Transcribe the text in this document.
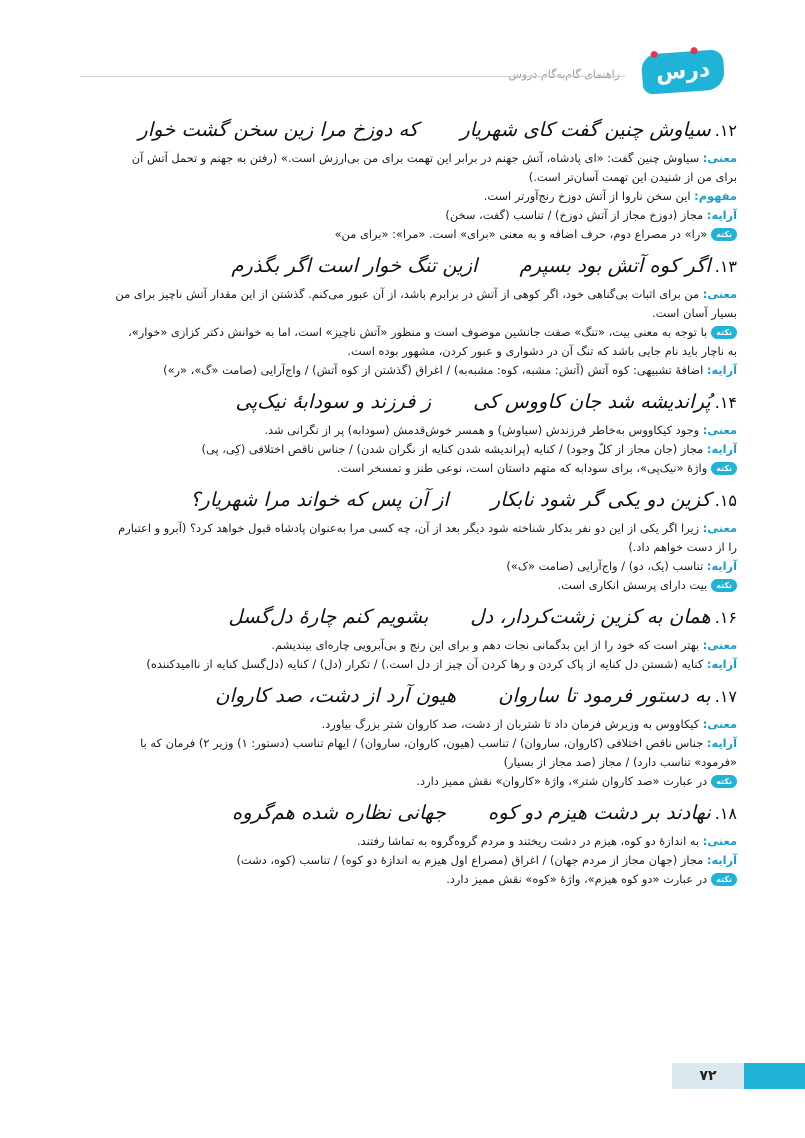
درس پرس
راهنمای گام‌به‌گام دروس
۱۲.
سیاوش چنین گفت کای شهریار
که دوزخ مرا زین سخن گشت خوار

معنی: سیاوش چنین گفت: «ای پادشاه، آتش جهنم در برابر این تهمت برای من بی‌ارزش است.» (رفتن به جهنم و تحمل آتش آن

برای من از شنیدن این تهمت آسان‌تر است.)

مفهوم: این سخن ناروا از آتش دوزخ رنج‌آورتر است.

آرایه: مجاز (دوزخ مجاز از آتش دوزخ) / تناسب (گفت، سخن)

نکته«را» در مصراع دوم، حرف اضافه و به معنی «برای» است. «مرا»: «برای من»

۱۳.
اگر کوه آتش بود بسپرم
ازین تنگ خوار است اگر بگذرم

معنی: من برای اثبات بی‌گناهی خود، اگر کوهی از آتش در برابرم باشد، از آن عبور می‌کنم. گذشتن از این مقدار آتش ناچیز برای من

بسیار آسان است.

نکتهبا توجه به معنی بیت، «تنگ» صفت جانشین موصوف است و منظور «آتش ناچیز» است، اما به خوانش دکتر کزازی «خوار»،

به ناچار باید نام جایی باشد که تنگ آن در دشواری و عبور کردن، مشهور بوده است.

آرایه: اضافهٔ تشبیهی: کوه آتش (آتش: مشبه، کوه: مشبه‌به) / اغراق (گذشتن از کوه آتش) / واج‌آرایی (صامت «گ»، «ر»)

۱۴.
پُراندیشه شد جان کاووس کی
ز فرزند و سودابهٔ نیک‌پی

معنی: وجود کیکاووس به‌خاطر فرزندش (سیاوش) و همسر خوش‌قدمش (سودابه) پر از نگرانی شد.

آرایه: مجاز (جان مجاز از کلّ وجود) / کنایه (پراندیشه شدن کنایه از نگران شدن) / جناس ناقص اختلافی (کِی، پی)

نکتهواژهٔ «نیک‌پی»، برای سودابه که متهم داستان است، نوعی طنز و تمسخر است.

۱۵.
کزین دو یکی گر شود نابکار
از آن پس که خواند مرا شهریار؟

معنی: زیرا اگر یکی از این دو نفر بدکار شناخته شود دیگر بعد از آن، چه کسی مرا به‌عنوان پادشاه قبول خواهد کرد؟ (آبرو و اعتبارم

را از دست خواهم داد.)

آرایه: تناسب (یک، دو) / واج‌آرایی (صامت «ک»)

نکتهبیت دارای پرسش انکاری است.

۱۶.
همان به کزین زشت‌کردار، دل
بشویم کنم چارهٔ دل‌گسل

معنی: بهتر است که خود را از این بدگمانی نجات دهم و برای این رنج و بی‌آبرویی چاره‌ای بیندیشم.

آرایه: کنایه (شستن دل کنایه از پاک کردن و رها کردن آن چیز از دل است.) / تکرار (دل) / کنایه (دل‌گسل کنایه از ناامیدکننده)

۱۷.
به دستور فرمود تا ساروان
هیون آرد از دشت، صد کاروان

معنی: کیکاووس به وزیرش فرمان داد تا شتربان از دشت، صد کاروان شتر بزرگ بیاورد.

آرایه: جناس ناقص اختلافی (کاروان، ساروان) / تناسب (هیون، کاروان، ساروان) / ایهام تناسب (دستور: ۱) وزیر ۲) فرمان که با

«فرمود» تناسب دارد) / مجاز (صد مجاز از بسیار)

نکتهدر عبارت «صد کاروان شتر»، واژهٔ «کاروان» نقش ممیز دارد.

۱۸.
نهادند بر دشت هیزم دو کوه
جهانی نظاره شده هم‌گروه

معنی: به اندازهٔ دو کوه، هیزم در دشت ریختند و مردم گروه‌گروه به تماشا رفتند.

آرایه: مجاز (جهان مجاز از مردم جهان) / اغراق (مصراع اول هیزم به اندازهٔ دو کوه) / تناسب (کوه، دشت)

نکتهدر عبارت «دو کوه هیزم»، واژهٔ «کوه» نقش ممیز دارد.

۷۲
